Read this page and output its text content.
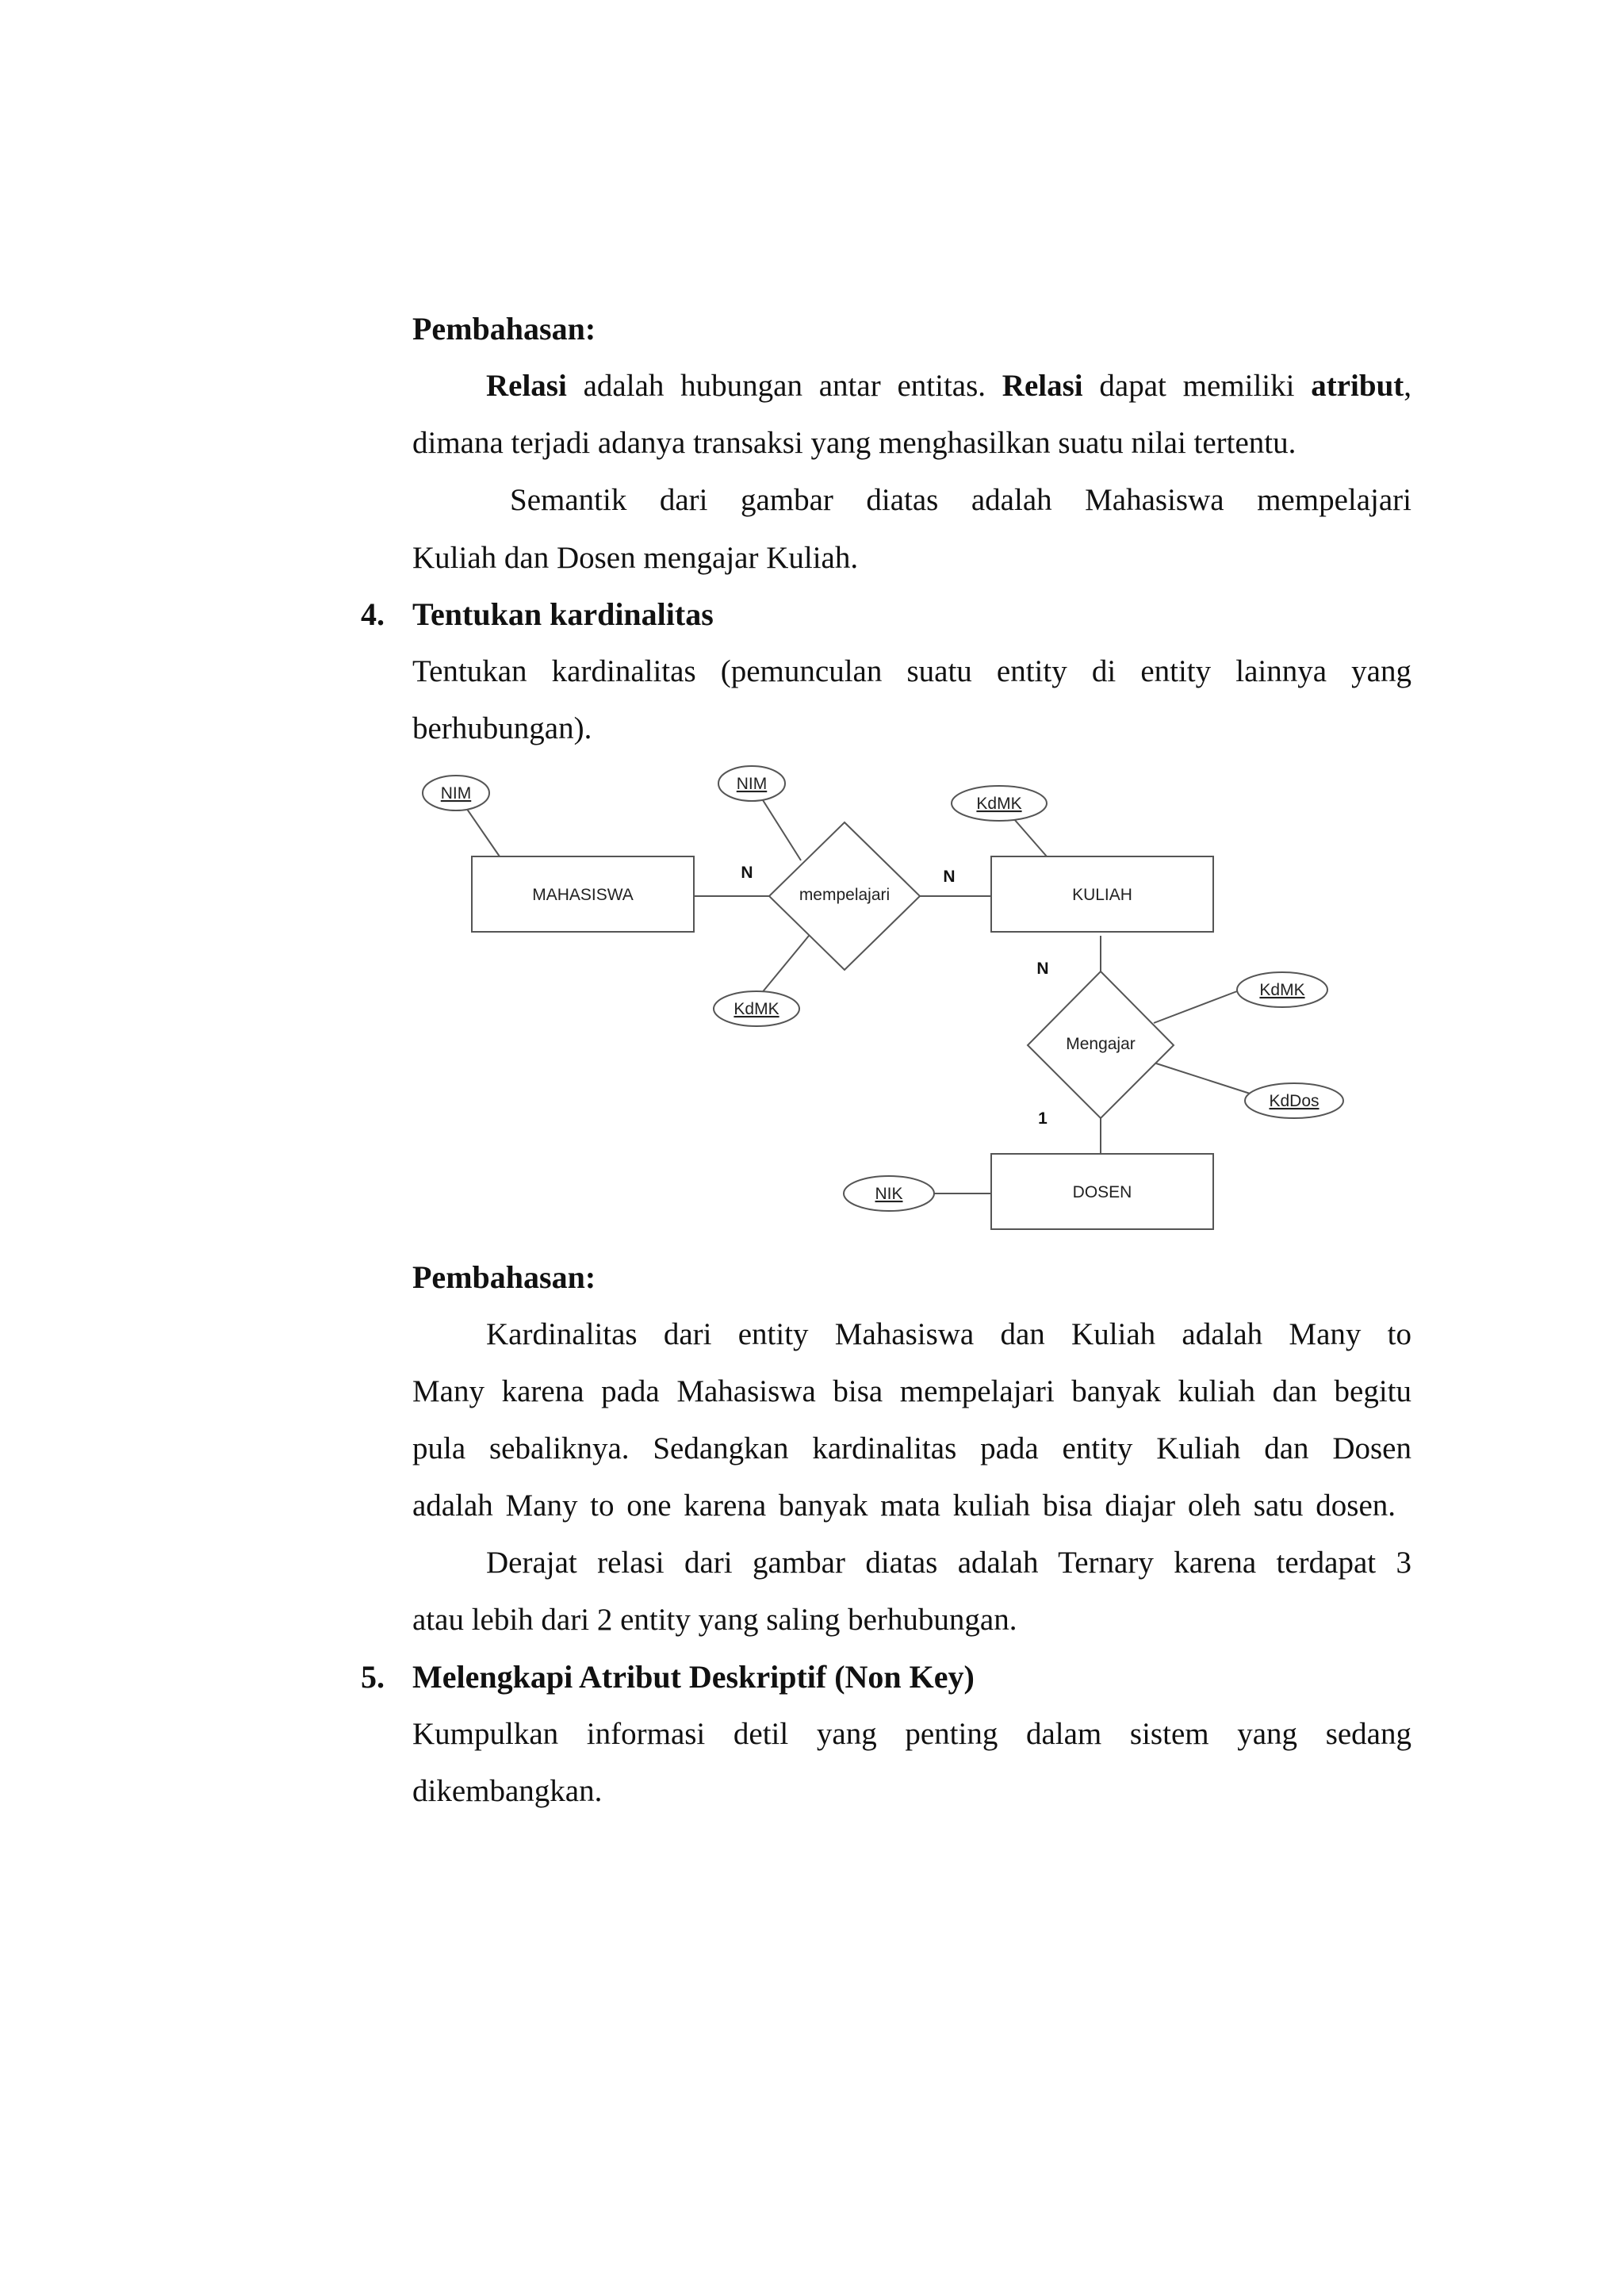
Pembahasan:
Relasi adalah hubungan antar entitas. Relasi dapat memiliki atribut,
dimana terjadi adanya transaksi yang menghasilkan suatu nilai tertentu.
Semantik dari gambar diatas adalah Mahasiswa mempelajari
Kuliah dan Dosen mengajar Kuliah.
4. Tentukan kardinalitas
Tentukan kardinalitas (pemunculan suatu entity di entity lainnya yang
berhubungan).
MAHASISWA	KULIAH
DOSEN
mempelajari
Mengajar
NIM
NIM
KdMK
KdMK
KdMK
KdDos
NIK
N	N
N
1
Pembahasan:
Kardinalitas dari entity Mahasiswa dan Kuliah adalah Many to
Many karena pada Mahasiswa bisa mempelajari banyak kuliah dan begitu
pula sebaliknya. Sedangkan kardinalitas pada entity Kuliah dan Dosen
adalah Many to one karena banyak mata kuliah bisa diajar oleh satu dosen.
Derajat relasi dari gambar diatas adalah Ternary karena terdapat 3
atau lebih dari 2 entity yang saling berhubungan.
5. Melengkapi Atribut Deskriptif (Non Key)
Kumpulkan informasi detil yang penting dalam sistem yang sedang
dikembangkan.
